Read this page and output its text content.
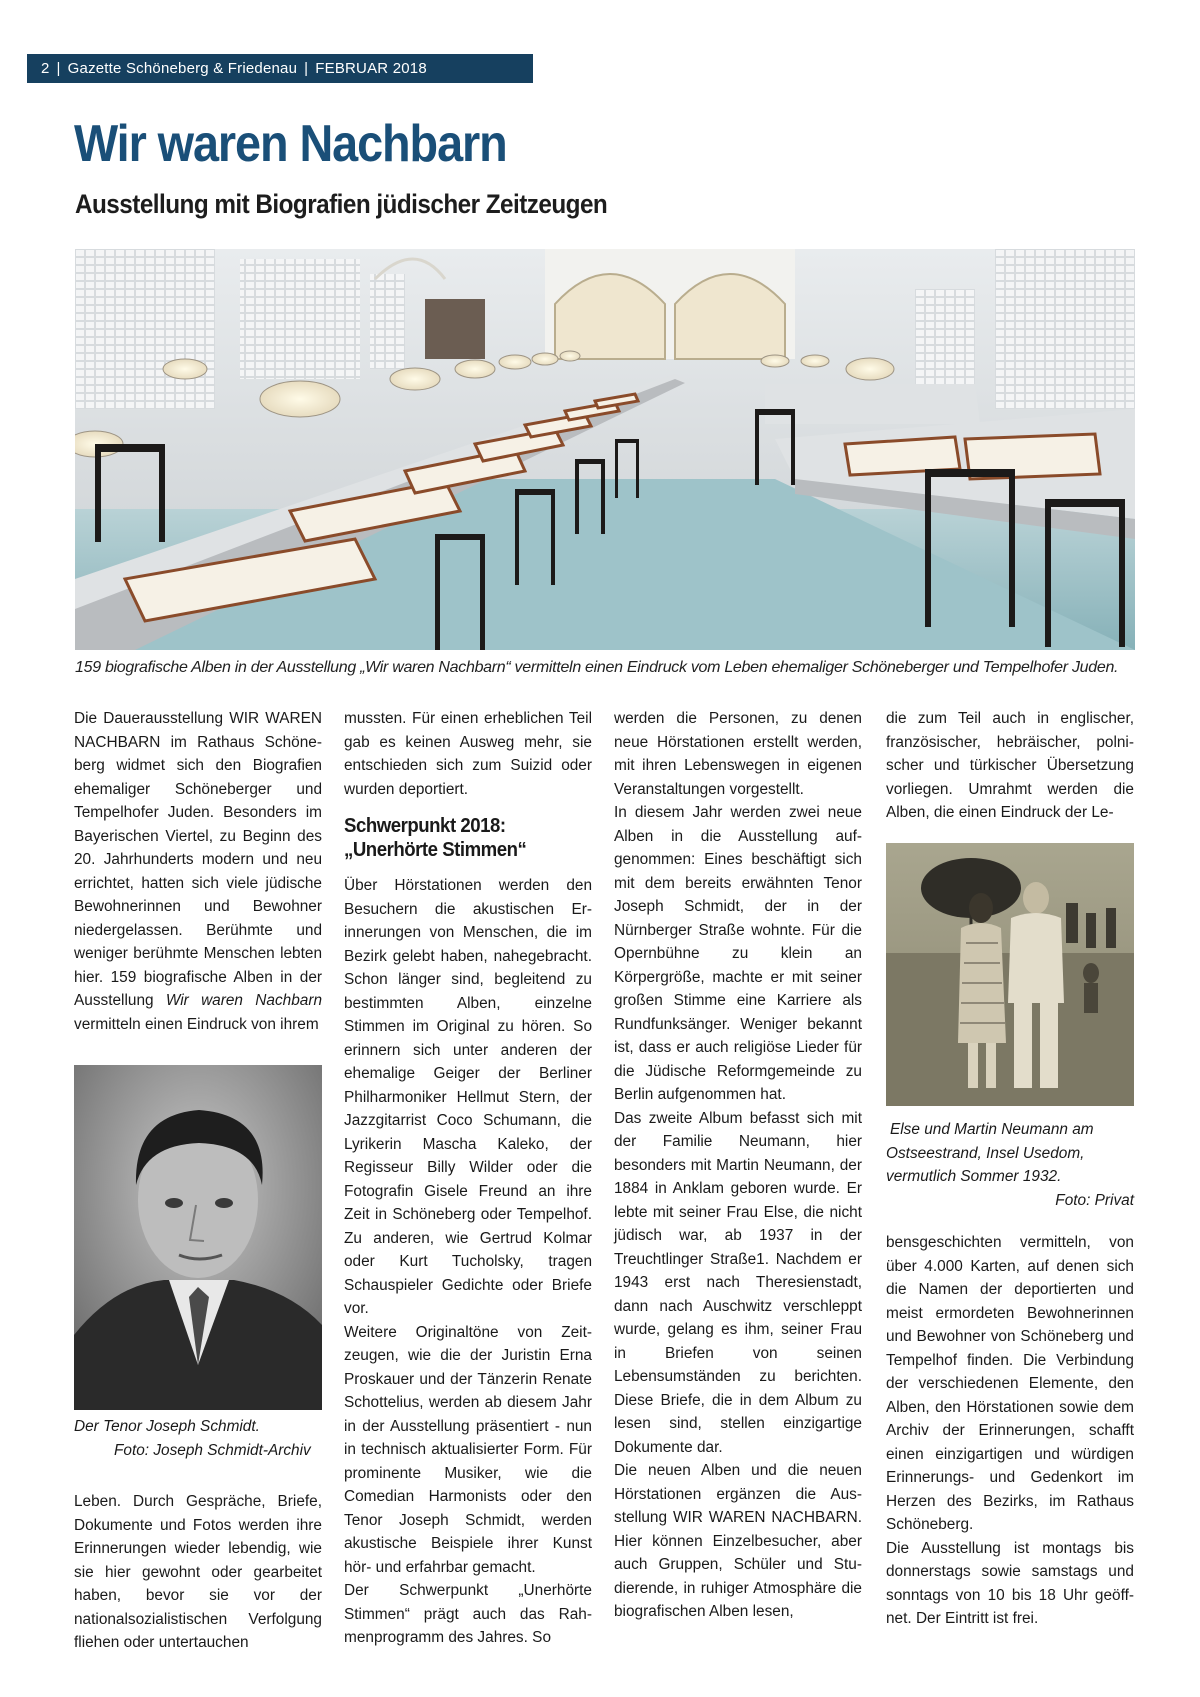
2 | Gazette Schöneberg & Friedenau | FEBRUAR 2018
Wir waren Nachbarn
Ausstellung mit Biografien jüdischer Zeitzeugen
159 biografische Alben in der Ausstellung „Wir waren Nachbarn“ vermitteln einen Eindruck vom Leben ehemaliger Schöneberger und Tempelhofer Juden.

Die Dauerausstellung WIR WAREN NACHBARN im Rathaus Schöneberg widmet sich den Biografien ehemaliger Schöneberger und Tempelhofer Juden. Besonders im Bayerischen Viertel, zu Beginn des 20. Jahrhunderts modern und neu errichtet, hatten sich viele jüdische Bewohnerinnen und Bewohner niedergelassen. Berühmte und weniger berühmte Menschen lebten hier. 159 biografische Alben in der Ausstellung Wir waren Nachbarn vermitteln einen Eindruck von ihrem

Der Tenor Joseph Schmidt.
Foto: Joseph Schmidt-Archiv
Leben. Durch Gespräche, Briefe, Dokumente und Fotos werden ihre Erinnerungen wieder lebendig, wie sie hier gewohnt oder gearbeitet haben, bevor sie vor der nationalsozialistischen Verfolgung fliehen oder untertauchen

mussten. Für einen erheblichen Teil gab es keinen Ausweg mehr, sie entschieden sich zum Suizid oder wurden deportiert.

Schwerpunkt 2018:
„Unerhörte Stimmen“

Über Hörstationen werden den Besuchern die akustischen Erinnerungen von Menschen, die im Bezirk gelebt haben, nahegebracht. Schon länger sind, begleitend zu bestimmten Alben, einzelne Stimmen im Original zu hören. So erinnern sich unter anderen der ehemalige Geiger der Berliner Philharmoniker Hellmut Stern, der Jazzgitarrist Coco Schumann, die Lyrikerin Mascha Kaleko, der Regisseur Billy Wilder oder die Fotografin Gisele Freund an ihre Zeit in Schöneberg oder Tempelhof. Zu anderen, wie Gertrud Kolmar oder Kurt Tucholsky, tragen Schauspieler Gedichte oder Briefe vor.

Weitere Originaltöne von Zeitzeugen, wie die der Juristin Erna Proskauer und der Tänzerin Renate Schottelius, werden ab diesem Jahr in der Ausstellung präsentiert - nun in technisch aktualisierter Form. Für prominente Musiker, wie die Comedian Harmonists oder den Tenor Joseph Schmidt, werden akustische Beispiele ihrer Kunst hör- und erfahrbar gemacht.

Der Schwerpunkt „Unerhörte Stimmen“ prägt auch das Rahmenprogramm des Jahres. So

werden die Personen, zu denen neue Hörstationen erstellt werden, mit ihren Lebenswegen in eigenen Veranstaltungen vorgestellt.

In diesem Jahr werden zwei neue Alben in die Ausstellung aufgenommen: Eines beschäftigt sich mit dem bereits erwähnten Tenor Joseph Schmidt, der in der Nürnberger Straße wohnte. Für die Opernbühne zu klein an Körpergröße, machte er mit seiner großen Stimme eine Karriere als Rundfunksänger. Weniger bekannt ist, dass er auch religiöse Lieder für die Jüdische Reformgemeinde zu Berlin aufgenommen hat.

Das zweite Album befasst sich mit der Familie Neumann, hier besonders mit Martin Neumann, der 1884 in Anklam geboren wurde. Er lebte mit seiner Frau Else, die nicht jüdisch war, ab 1937 in der Treuchtlinger Straße1. Nachdem er 1943 erst nach Theresienstadt, dann nach Auschwitz verschleppt wurde, gelang es ihm, seiner Frau in Briefen von seinen Lebensumständen zu berichten. Diese Briefe, die in dem Album zu lesen sind, stellen einzigartige Dokumente dar.

Die neuen Alben und die neuen Hörstationen ergänzen die Ausstellung WIR WAREN NACHBARN. Hier können Einzelbesucher, aber auch Gruppen, Schüler und Studierende, in ruhiger Atmosphäre die biografischen Alben lesen,

die zum Teil auch in englischer, französischer, hebräischer, polnischer und türkischer Übersetzung vorliegen. Umrahmt werden die Alben, die einen Eindruck der Le-

Else und Martin Neumann am
Ostseestrand, Insel Usedom,
vermutlich Sommer 1932.
Foto: Privat

bensgeschichten vermitteln, von über 4.000 Karten, auf denen sich die Namen der deportierten und meist ermordeten Bewohnerinnen und Bewohner von Schöneberg und Tempelhof finden. Die Verbindung der verschiedenen Elemente, den Alben, den Hörstationen sowie dem Archiv der Erinnerungen, schafft einen einzigartigen und würdigen Erinnerungs- und Gedenkort im Herzen des Bezirks, im Rathaus Schöneberg.

Die Ausstellung ist montags bis donnerstags sowie samstags und sonntags von 10 bis 18 Uhr geöffnet. Der Eintritt ist frei.
